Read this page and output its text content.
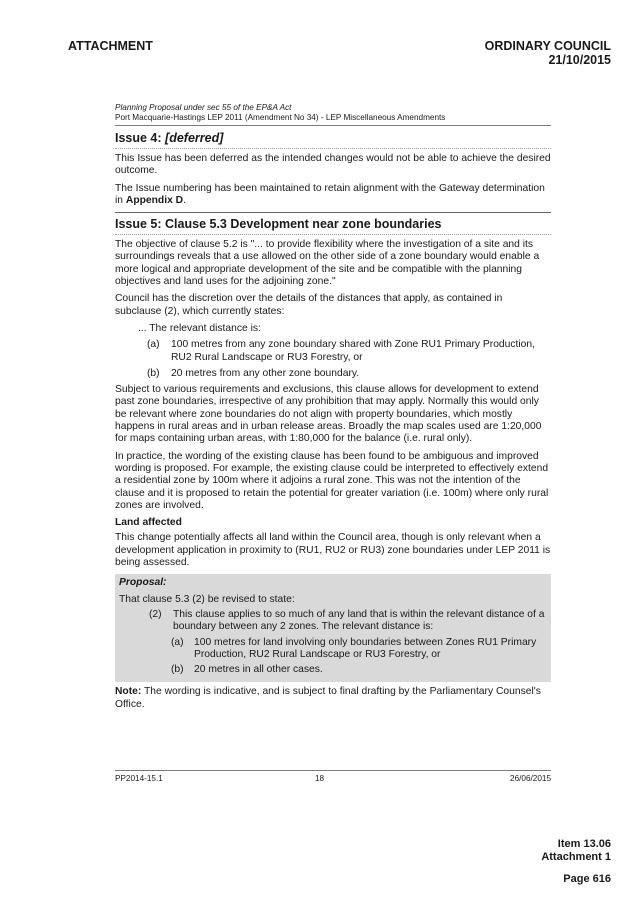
ATTACHMENT	ORDINARY COUNCIL
21/10/2015
Planning Proposal under sec 55 of the EP&A Act
Port Macquarie-Hastings LEP 2011 (Amendment No 34) - LEP Miscellaneous Amendments
Issue 4: [deferred]

This Issue has been deferred as the intended changes would not be able to achieve the desired outcome.

The Issue numbering has been maintained to retain alignment with the Gateway determination in Appendix D.

Issue 5: Clause 5.3 Development near zone boundaries

The objective of clause 5.2 is "... to provide flexibility where the investigation of a site and its surroundings reveals that a use allowed on the other side of a zone boundary would enable a more logical and appropriate development of the site and be compatible with the planning objectives and land uses for the adjoining zone."

Council has the discretion over the details of the distances that apply, as contained in subclause (2), which currently states:

... The relevant distance is:
(a) 100 metres from any zone boundary shared with Zone RU1 Primary Production, RU2 Rural Landscape or RU3 Forestry, or
(b) 20 metres from any other zone boundary.

Subject to various requirements and exclusions, this clause allows for development to extend past zone boundaries, irrespective of any prohibition that may apply. Normally this would only be relevant where zone boundaries do not align with property boundaries, which mostly happens in rural areas and in urban release areas. Broadly the map scales used are 1:20,000 for maps containing urban areas, with 1:80,000 for the balance (i.e. rural only).

In practice, the wording of the existing clause has been found to be ambiguous and improved wording is proposed. For example, the existing clause could be interpreted to effectively extend a residential zone by 100m where it adjoins a rural zone. This was not the intention of the clause and it is proposed to retain the potential for greater variation (i.e. 100m) where only rural zones are involved.

Land affected

This change potentially affects all land within the Council area, though is only relevant when a development application in proximity to (RU1, RU2 or RU3) zone boundaries under LEP 2011 is being assessed.

Proposal:
That clause 5.3 (2) be revised to state:
(2) This clause applies to so much of any land that is within the relevant distance of a boundary between any 2 zones. The relevant distance is:
(a) 100 metres for land involving only boundaries between Zones RU1 Primary Production, RU2 Rural Landscape or RU3 Forestry, or
(b) 20 metres in all other cases.

Note: The wording is indicative, and is subject to final drafting by the Parliamentary Counsel's Office.

PP2014-15.1	18	26/06/2015
Item 13.06
Attachment 1
Page 616
